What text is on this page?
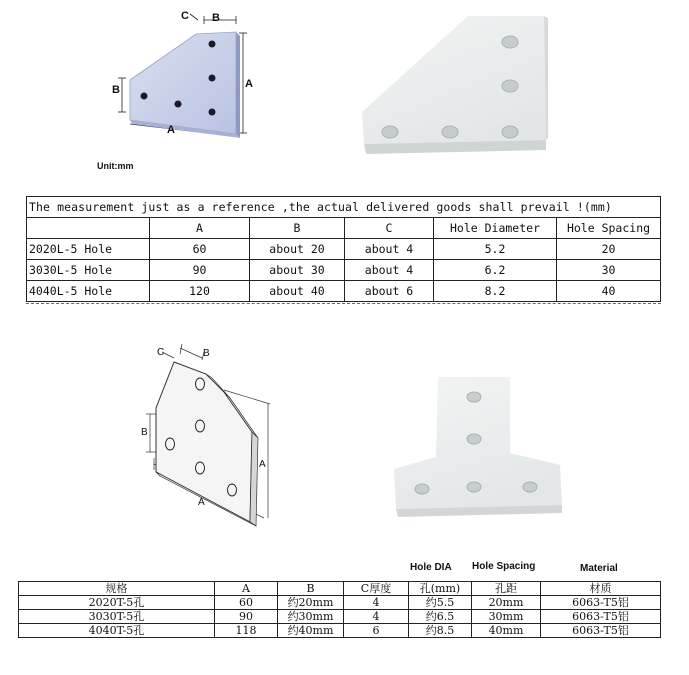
C B
A
B
A
Unit:mm
The measurement just as a reference ,the actual delivered goods shall prevail !(mm)					
	A	B	C	Hole Diameter	Hole Spacing
2020L-5 Hole	60	about 20	about 4	5.2	20
3030L-5 Hole	90	about 30	about 4	6.2	30
4040L-5 Hole	120	about 40	about 6	8.2	40
C	B
B
A
A
Hole DIA Hole Spacing	Material
规格	A	B	C厚度	孔(mm)	孔距	材质
2020T-5孔	60	约20mm	4	约5.5	20mm	6063-T5铝
3030T-5孔	90	约30mm	4	约6.5	30mm	6063-T5铝
4040T-5孔	118	约40mm	6	约8.5	40mm	6063-T5铝
